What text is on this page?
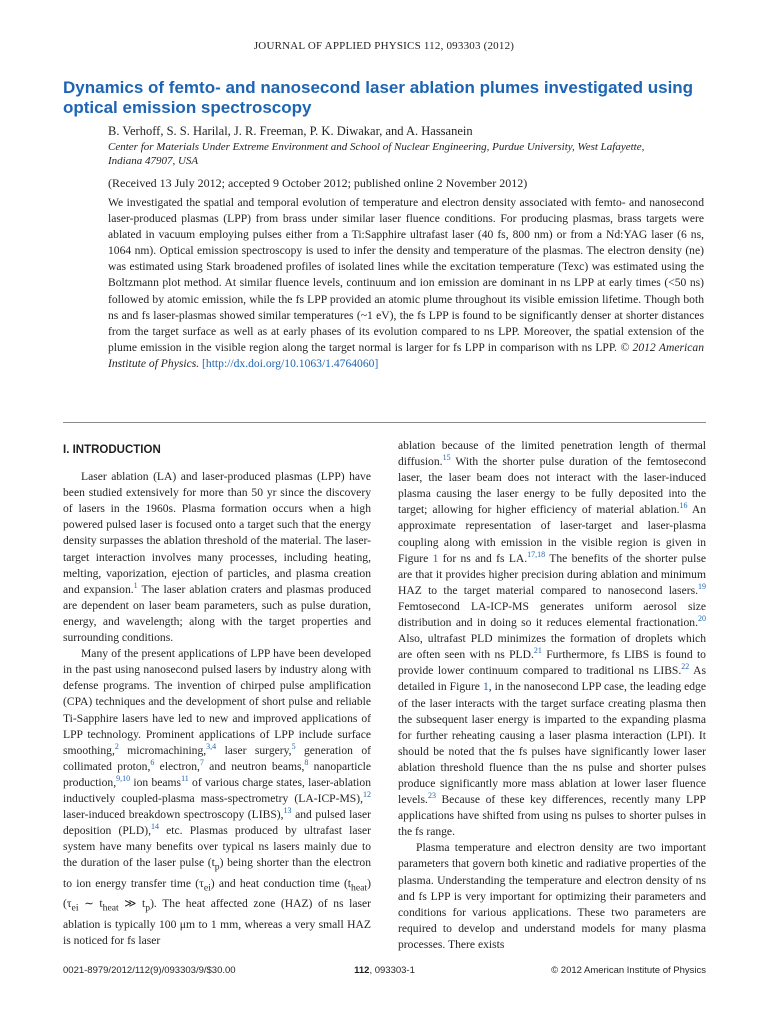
JOURNAL OF APPLIED PHYSICS 112, 093303 (2012)
Dynamics of femto- and nanosecond laser ablation plumes investigated using optical emission spectroscopy
B. Verhoff, S. S. Harilal, J. R. Freeman, P. K. Diwakar, and A. Hassanein
Center for Materials Under Extreme Environment and School of Nuclear Engineering, Purdue University, West Lafayette, Indiana 47907, USA
(Received 13 July 2012; accepted 9 October 2012; published online 2 November 2012)
We investigated the spatial and temporal evolution of temperature and electron density associated with femto- and nanosecond laser-produced plasmas (LPP) from brass under similar laser fluence conditions. For producing plasmas, brass targets were ablated in vacuum employing pulses either from a Ti:Sapphire ultrafast laser (40 fs, 800 nm) or from a Nd:YAG laser (6 ns, 1064 nm). Optical emission spectroscopy is used to infer the density and temperature of the plasmas. The electron density (ne) was estimated using Stark broadened profiles of isolated lines while the excitation temperature (Texc) was estimated using the Boltzmann plot method. At similar fluence levels, continuum and ion emission are dominant in ns LPP at early times (<50 ns) followed by atomic emission, while the fs LPP provided an atomic plume throughout its visible emission lifetime. Though both ns and fs laser-plasmas showed similar temperatures (~1 eV), the fs LPP is found to be significantly denser at shorter distances from the target surface as well as at early phases of its evolution compared to ns LPP. Moreover, the spatial extension of the plume emission in the visible region along the target normal is larger for fs LPP in comparison with ns LPP. © 2012 American Institute of Physics. [http://dx.doi.org/10.1063/1.4764060]
I. INTRODUCTION

Laser ablation (LA) and laser-produced plasmas (LPP) have been studied extensively for more than 50 yr since the discovery of lasers in the 1960s. Plasma formation occurs when a high powered pulsed laser is focused onto a target such that the energy density surpasses the ablation threshold of the material. The laser-target interaction involves many processes, including heating, melting, vaporization, ejection of particles, and plasma creation and expansion.$^1$ The laser ablation craters and plasmas produced are dependent on laser beam parameters, such as pulse duration, energy, and wavelength; along with the target properties and surrounding conditions.

Many of the present applications of LPP have been developed in the past using nanosecond pulsed lasers by industry along with defense programs. The invention of chirped pulse amplification (CPA) techniques and the development of short pulse and reliable Ti-Sapphire lasers have led to new and improved applications of LPP technology. Prominent applications of LPP include surface smoothing,$^2$ micromachining,$^{3,4}$ laser surgery,$^5$ generation of collimated proton,$^6$ electron,$^7$ and neutron beams,$^8$ nanoparticle production,$^{9,10}$ ion beams$^{11}$ of various charge states, laser-ablation inductively coupled-plasma mass-spectrometry (LA-ICP-MS),$^{12}$ laser-induced breakdown spectroscopy (LIBS),$^{13}$ and pulsed laser deposition (PLD),$^{14}$ etc. Plasmas produced by ultrafast laser system have many benefits over typical ns lasers mainly due to the duration of the laser pulse $(t_p)$ being shorter than the electron to ion energy transfer time $(\tau_{ei})$ and heat conduction time $(t_{heat})$ ($\tau_{ei}$ ∼ $t_{heat}$ ≫ $t_p$). The heat affected zone (HAZ) of ns laser ablation is typically 100 μm to 1 mm, whereas a very small HAZ is noticed for fs laser

ablation because of the limited penetration length of thermal diffusion.$^{15}$ With the shorter pulse duration of the femtosecond laser, the laser beam does not interact with the laser-induced plasma causing the laser energy to be fully deposited into the target; allowing for higher efficiency of material ablation.$^{16}$ An approximate representation of laser-target and laser-plasma coupling along with emission in the visible region is given in Figure 1 for ns and fs LA.$^{17,18}$ The benefits of the shorter pulse are that it provides higher precision during ablation and minimum HAZ to the target material compared to nanosecond lasers.$^{19}$ Femtosecond LA-ICP-MS generates uniform aerosol size distribution and in doing so it reduces elemental fractionation.$^{20}$ Also, ultrafast PLD minimizes the formation of droplets which are often seen with ns PLD.$^{21}$ Furthermore, fs LIBS is found to provide lower continuum compared to traditional ns LIBS.$^{22}$ As detailed in Figure 1, in the nanosecond LPP case, the leading edge of the laser interacts with the target surface creating plasma then the subsequent laser energy is imparted to the expanding plasma for further reheating causing a laser plasma interaction (LPI). It should be noted that the fs pulses have significantly lower laser ablation threshold fluence than the ns pulse and shorter pulses produce significantly more mass ablation at lower laser fluence levels.$^{23}$ Because of these key differences, recently many LPP applications have shifted from using ns pulses to shorter pulses in the fs range.

Plasma temperature and electron density are two important parameters that govern both kinetic and radiative properties of the plasma. Understanding the temperature and electron density of ns and fs LPP is very important for optimizing their parameters and conditions for various applications. These two parameters are required to develop and understand models for many plasma processes. There exists

0021-8979/2012/112(9)/093303/9/$30.00	112, 093303-1	© 2012 American Institute of Physics
